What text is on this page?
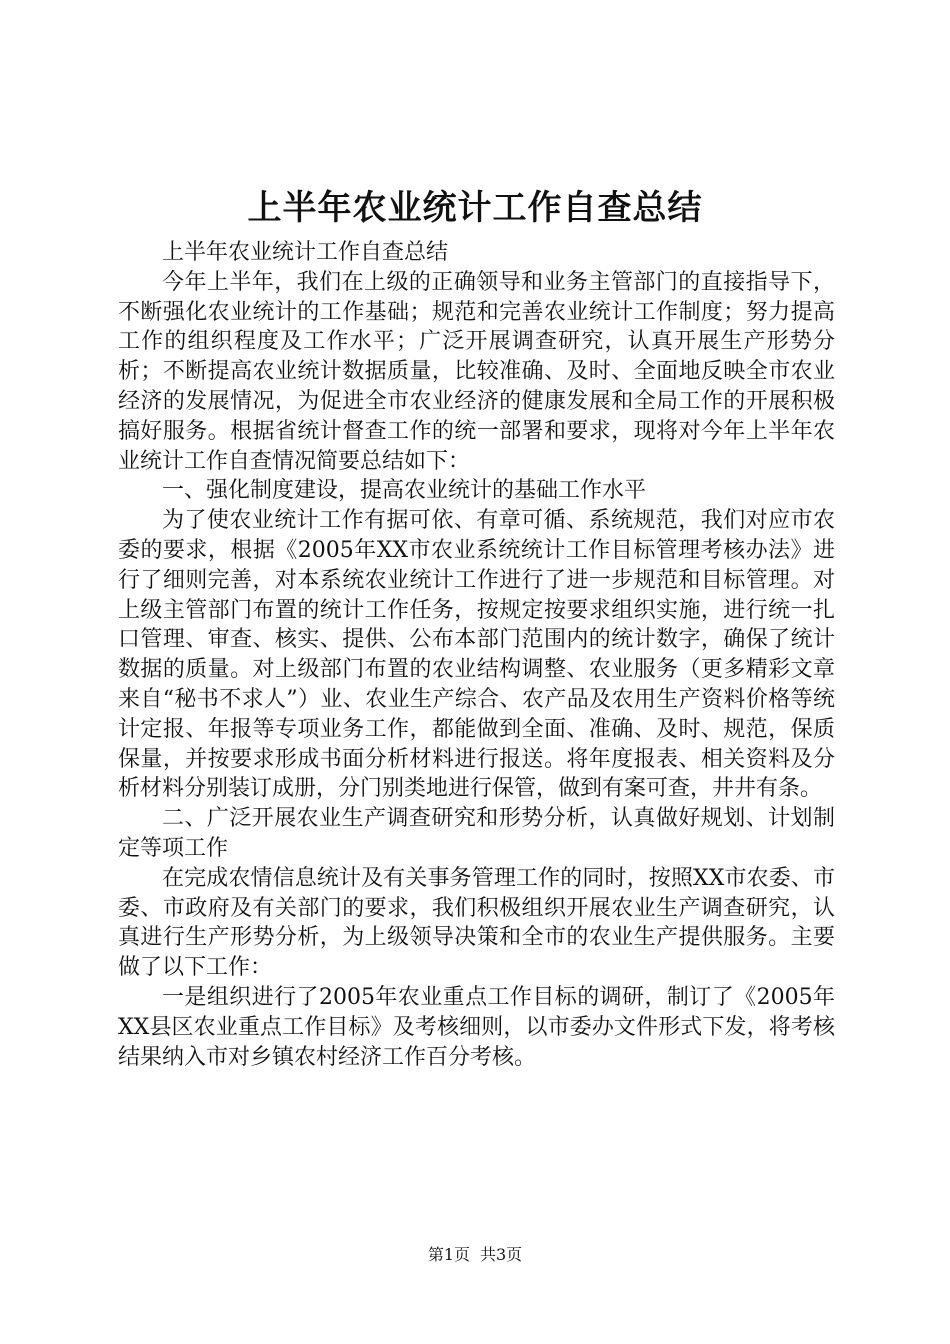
上半年农业统计工作自查总结

上半年农业统计工作自查总结

今年上半年，我们在上级的正确领导和业务主管部门的直接指导下，不断强化农业统计的工作基础；规范和完善农业统计工作制度；努力提高工作的组织程度及工作水平；广泛开展调查研究，认真开展生产形势分析；不断提高农业统计数据质量，比较准确、及时、全面地反映全市农业经济的发展情况，为促进全市农业经济的健康发展和全局工作的开展积极搞好服务。根据省统计督查工作的统一部署和要求，现将对今年上半年农业统计工作自查情况简要总结如下：

一、强化制度建设，提高农业统计的基础工作水平

为了使农业统计工作有据可依、有章可循、系统规范，我们对应市农委的要求，根据《2005年XX市农业系统统计工作目标管理考核办法》进行了细则完善，对本系统农业统计工作进行了进一步规范和目标管理。对上级主管部门布置的统计工作任务，按规定按要求组织实施，进行统一扎口管理、审查、核实、提供、公布本部门范围内的统计数字，确保了统计数据的质量。对上级部门布置的农业结构调整、农业服务（更多精彩文章来自“秘书不求人”）业、农业生产综合、农产品及农用生产资料价格等统计定报、年报等专项业务工作，都能做到全面、准确、及时、规范，保质保量，并按要求形成书面分析材料进行报送。将年度报表、相关资料及分析材料分别装订成册，分门别类地进行保管，做到有案可查，井井有条。

二、广泛开展农业生产调查研究和形势分析，认真做好规划、计划制定等项工作

在完成农情信息统计及有关事务管理工作的同时，按照XX市农委、市委、市政府及有关部门的要求，我们积极组织开展农业生产调查研究，认真进行生产形势分析，为上级领导决策和全市的农业生产提供服务。主要做了以下工作：

一是组织进行了2005年农业重点工作目标的调研，制订了《2005年XX县区农业重点工作目标》及考核细则，以市委办文件形式下发，将考核结果纳入市对乡镇农村经济工作百分考核。

第1页 共3页
